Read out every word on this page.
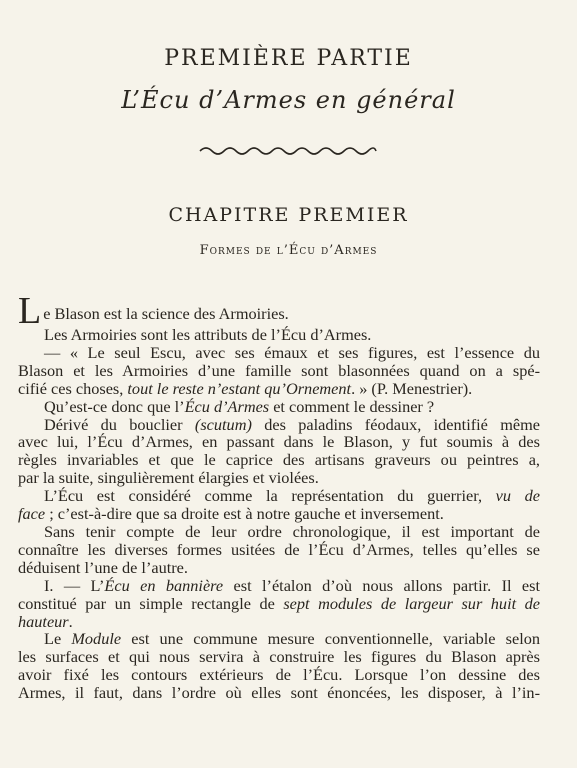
PREMIÈRE PARTIE
L’Écu d’Armes en général
CHAPITRE PREMIER
Formes de l’Écu d’Armes
Le Blason est la science des Armoiries.
Les Armoiries sont les attributs de l’Écu d’Armes.
— « Le seul Escu, avec ses émaux et ses figures, est l’essence du
Blason et les Armoiries d’une famille sont blasonnées quand on a spé-
cifié ces choses, tout le reste n’estant qu’Ornement. » (P. Menestrier).
Qu’est-ce donc que l’Écu d’Armes et comment le dessiner ?
Dérivé du bouclier (scutum) des paladins féodaux, identifié même
avec lui, l’Écu d’Armes, en passant dans le Blason, y fut soumis à des
règles invariables et que le caprice des artisans graveurs ou peintres a,
par la suite, singulièrement élargies et violées.
L’Écu est considéré comme la représentation du guerrier, vu de
face ; c’est-à-dire que sa droite est à notre gauche et inversement.
Sans tenir compte de leur ordre chronologique, il est important de
connaître les diverses formes usitées de l’Écu d’Armes, telles qu’elles se
déduisent l’une de l’autre.
I. — L’Écu en bannière est l’étalon d’où nous allons partir. Il est
constitué par un simple rectangle de sept modules de largeur sur huit de
hauteur.
Le Module est une commune mesure conventionnelle, variable selon
les surfaces et qui nous servira à construire les figures du Blason après
avoir fixé les contours extérieurs de l’Écu. Lorsque l’on dessine des
Armes, il faut, dans l’ordre où elles sont énoncées, les disposer, à l’in-
